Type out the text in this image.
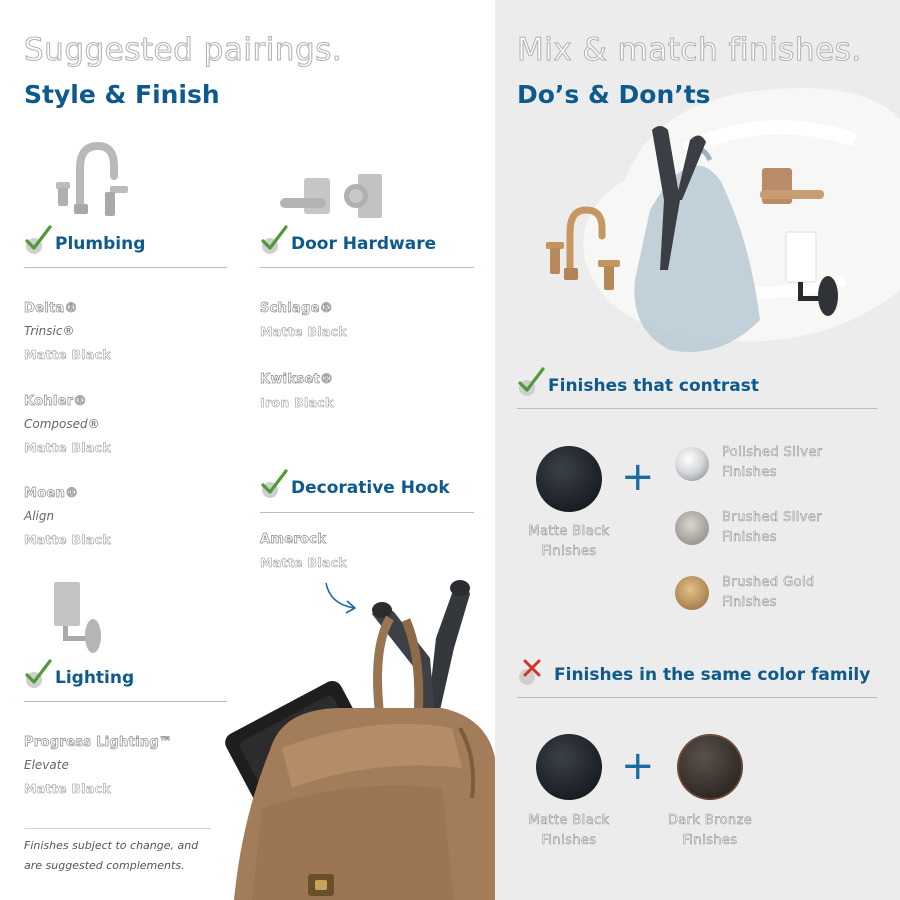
Suggested pairings.
Style & Finish
Plumbing
Delta®
Trinsic®
Matte Black
Kohler®
Composed®
Matte Black
Moen®
Align
Matte Black
Door Hardware
Schlage®
Matte Black
Kwikset®
Iron Black
Decorative Hook
Amerock
Matte Black
Lighting
Progress Lighting™
Elevate
Matte Black
Finishes subject to change, and
are suggested complements.
Mix & match finishes.
Do’s & Don’ts
Finishes that contrast
Matte Black
Finishes
+
Polished Silver
Finishes
Brushed Silver
Finishes
Brushed Gold
Finishes
Finishes in the same color family
Matte Black
Finishes
+
Dark Bronze
Finishes
